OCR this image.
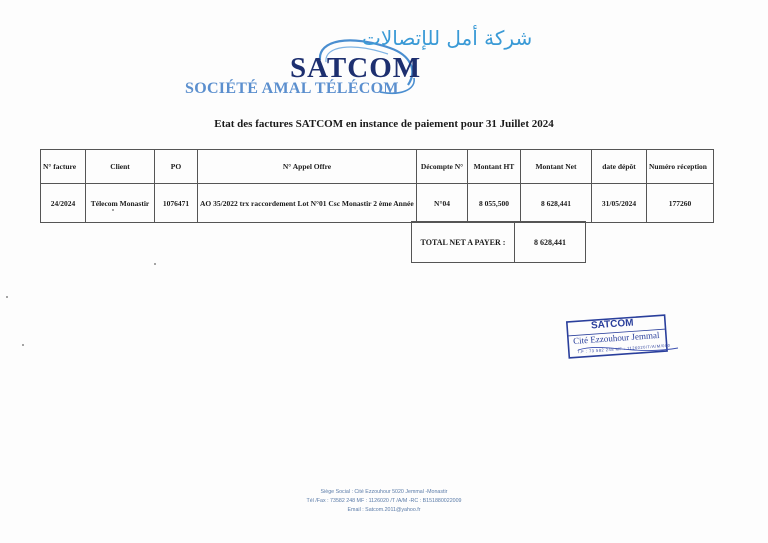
شركة أمل للإتصالات
SATCOM
SOCIÉTÉ AMAL TÉLÉCOM
Etat des factures SATCOM en instance de paiement pour 31 Juillet 2024
N° facture	Client	PO	N° Appel Offre	Décompte N°	Montant HT	Montant Net	date dépôt	Numéro réception
24/2024	Télecom Monastir	1076471	AO 35/2022 trx raccordement Lot N°01 Csc Monastir 2 ème Année	N°04	8 055,500	8 628,441	31/05/2024	177260
TOTAL NET A PAYER :	8 628,441
SATCOM
Cité Ezzouhour Jemmal
T.F : 73 582 248 MF : 1126020/T/A/M/000
Siège Social : Cité Ezzouhour 5020 Jemmal -Monastir
Tél /Fax : 73582 248 MF : 1126020 /T /A/M -RC : B151880022009
Email : Satcom.2011@yahoo.fr
